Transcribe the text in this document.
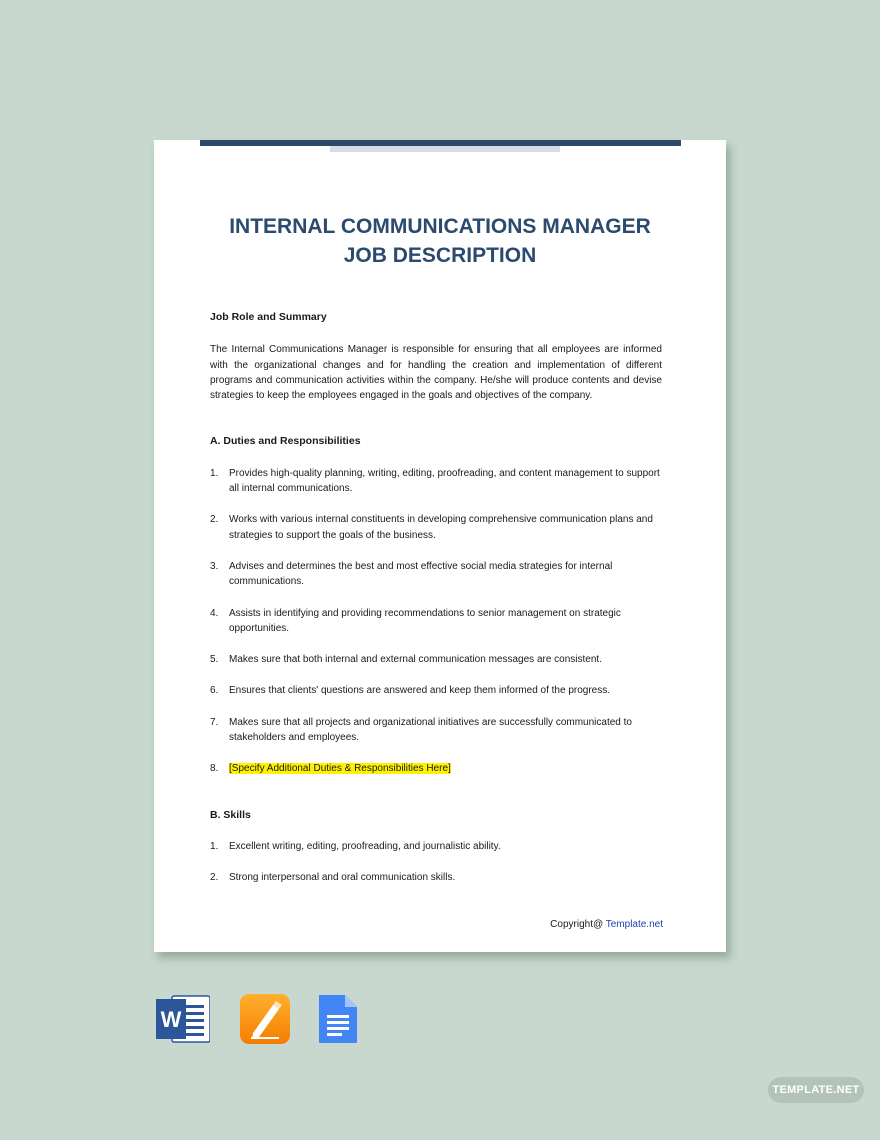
INTERNAL COMMUNICATIONS MANAGER
JOB DESCRIPTION
Job Role and Summary

The Internal Communications Manager is responsible for ensuring that all employees are informed with the organizational changes and for handling the creation and implementation of different programs and communication activities within the company. He/she will produce contents and devise strategies to keep the employees engaged in the goals and objectives of the company.

A. Duties and Responsibilities
1.	Provides high-quality planning, writing, editing, proofreading, and content management to support all internal communications.
2.	Works with various internal constituents in developing comprehensive communication plans and strategies to support the goals of the business.
3.	Advises and determines the best and most effective social media strategies for internal communications.
4.	Assists in identifying and providing recommendations to senior management on strategic opportunities.
5.	Makes sure that both internal and external communication messages are consistent.
6.	Ensures that clients' questions are answered and keep them informed of the progress.
7.	Makes sure that all projects and organizational initiatives are successfully communicated to stakeholders and employees.
8.	[Specify Additional Duties & Responsibilities Here]
B. Skills
1.	Excellent writing, editing, proofreading, and journalistic ability.
2.	Strong interpersonal and oral communication skills.
Copyright@ Template.net
W
TEMPLATE.NET
